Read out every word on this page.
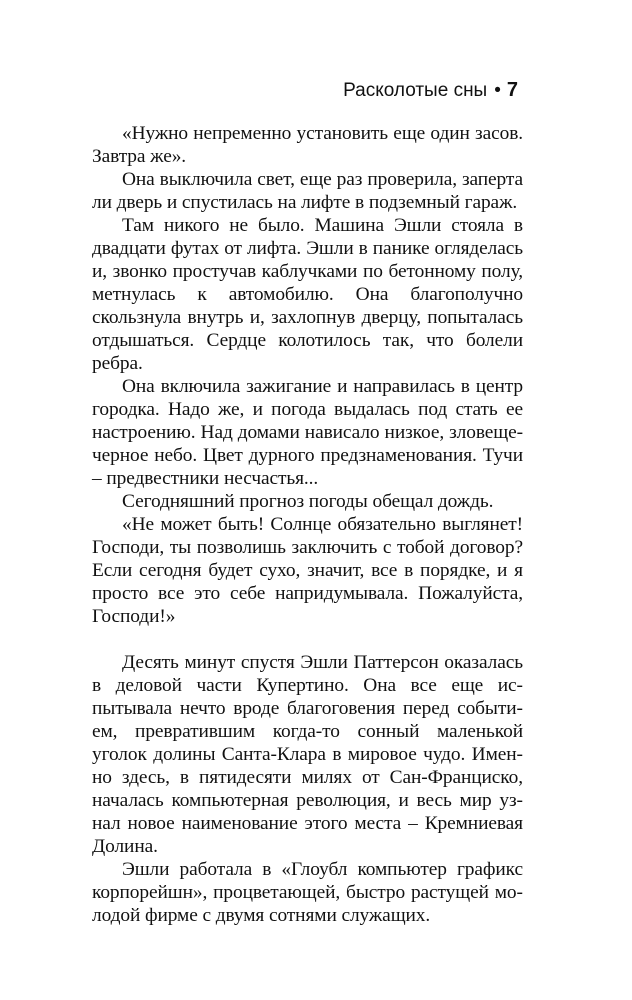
Расколотые сны • 7

«Нужно непременно установить еще один засов. Завтра же».

Она выключила свет, еще раз проверила, заперта ли дверь и спустилась на лифте в подземный гараж.

Там никого не было. Машина Эшли стояла в двадцати футах от лифта. Эшли в панике огляделась и, звонко простучав каблучками по бетонному полу, метнулась к автомобилю. Она благополучно скользнула внутрь и, захлопнув дверцу, попыталась отдышаться. Сердце колотилось так, что болели ребра.

Она включила зажигание и направилась в центр городка. Надо же, и погода выдалась под стать ее настроению. Над домами нависало низкое, зловеще-черное небо. Цвет дурного предзнаменования. Тучи – предвестники несчастья...

Сегодняшний прогноз погоды обещал дождь.

«Не может быть! Солнце обязательно выглянет! Господи, ты позволишь заключить с тобой договор? Если сегодня будет сухо, значит, все в порядке, и я просто все это себе напридумывала. Пожалуйста, Господи!»

Десять минут спустя Эшли Паттерсон оказалась в деловой части Купертино. Она все еще испытывала нечто вроде благоговения перед событием, превратившим когда-то сонный маленькой уголок долины Санта-Клара в мировое чудо. Именно здесь, в пятидесяти милях от Сан-Франциско, началась компьютерная революция, и весь мир узнал новое наименование этого места – Кремниевая Долина.

Эшли работала в «Глоубл компьютер графикс корпорейшн», процветающей, быстро растущей молодой фирме с двумя сотнями служащих.
